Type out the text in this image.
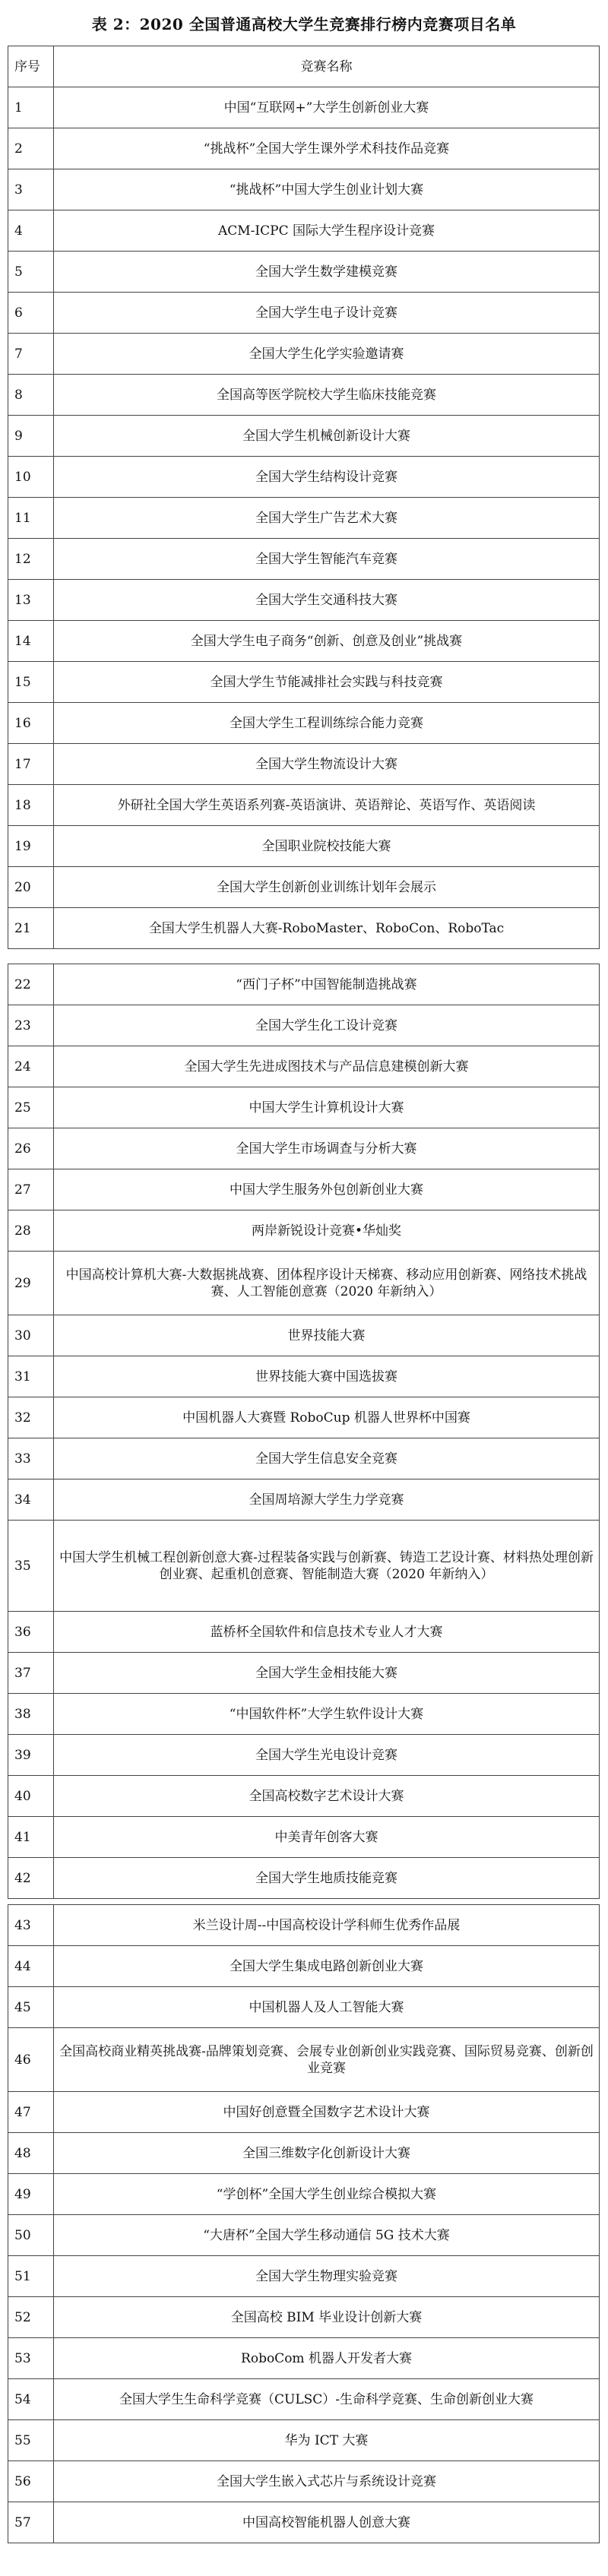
表 2：2020 全国普通高校大学生竞赛排行榜内竞赛项目名单
序号	竞赛名称
1	中国“互联网+”大学生创新创业大赛

2	“挑战杯”全国大学生课外学术科技作品竞赛

3	“挑战杯”中国大学生创业计划大赛

4	ACM-ICPC 国际大学生程序设计竞赛

5	全国大学生数学建模竞赛

6	全国大学生电子设计竞赛

7	全国大学生化学实验邀请赛

8	全国高等医学院校大学生临床技能竞赛

9	全国大学生机械创新设计大赛

10	全国大学生结构设计竞赛

11	全国大学生广告艺术大赛

12	全国大学生智能汽车竞赛

13	全国大学生交通科技大赛

14	全国大学生电子商务“创新、创意及创业”挑战赛

15	全国大学生节能减排社会实践与科技竞赛

16	全国大学生工程训练综合能力竞赛

17	全国大学生物流设计大赛

18	外研社全国大学生英语系列赛-英语演讲、英语辩论、英语写作、英语阅读

19	全国职业院校技能大赛

20	全国大学生创新创业训练计划年会展示

21	全国大学生机器人大赛-RoboMaster、RoboCon、RoboTac
22	“西门子杯”中国智能制造挑战赛

23	全国大学生化工设计竞赛

24	全国大学生先进成图技术与产品信息建模创新大赛

25	中国大学生计算机设计大赛

26	全国大学生市场调查与分析大赛

27	中国大学生服务外包创新创业大赛

28	两岸新锐设计竞赛•华灿奖

29	中国高校计算机大赛-大数据挑战赛、团体程序设计天梯赛、移动应用创新赛、网络技术挑战赛、人工智能创意赛（2020 年新纳入）

30	世界技能大赛

31	世界技能大赛中国选拔赛

32	中国机器人大赛暨 RoboCup 机器人世界杯中国赛

33	全国大学生信息安全竞赛

34	全国周培源大学生力学竞赛

35	中国大学生机械工程创新创意大赛-过程装备实践与创新赛、铸造工艺设计赛、材料热处理创新创业赛、起重机创意赛、智能制造大赛（2020 年新纳入）

36	蓝桥杯全国软件和信息技术专业人才大赛

37	全国大学生金相技能大赛

38	“中国软件杯”大学生软件设计大赛

39	全国大学生光电设计竞赛

40	全国高校数字艺术设计大赛

41	中美青年创客大赛

42	全国大学生地质技能竞赛
43	米兰设计周--中国高校设计学科师生优秀作品展

44	全国大学生集成电路创新创业大赛

45	中国机器人及人工智能大赛

46	全国高校商业精英挑战赛-品牌策划竞赛、会展专业创新创业实践竞赛、国际贸易竞赛、创新创业竞赛

47	中国好创意暨全国数字艺术设计大赛

48	全国三维数字化创新设计大赛

49	“学创杯”全国大学生创业综合模拟大赛

50	“大唐杯”全国大学生移动通信 5G 技术大赛

51	全国大学生物理实验竞赛

52	全国高校 BIM 毕业设计创新大赛

53	RoboCom 机器人开发者大赛

54	全国大学生生命科学竞赛（CULSC）-生命科学竞赛、生命创新创业大赛

55	华为 ICT 大赛

56	全国大学生嵌入式芯片与系统设计竞赛

57	中国高校智能机器人创意大赛
